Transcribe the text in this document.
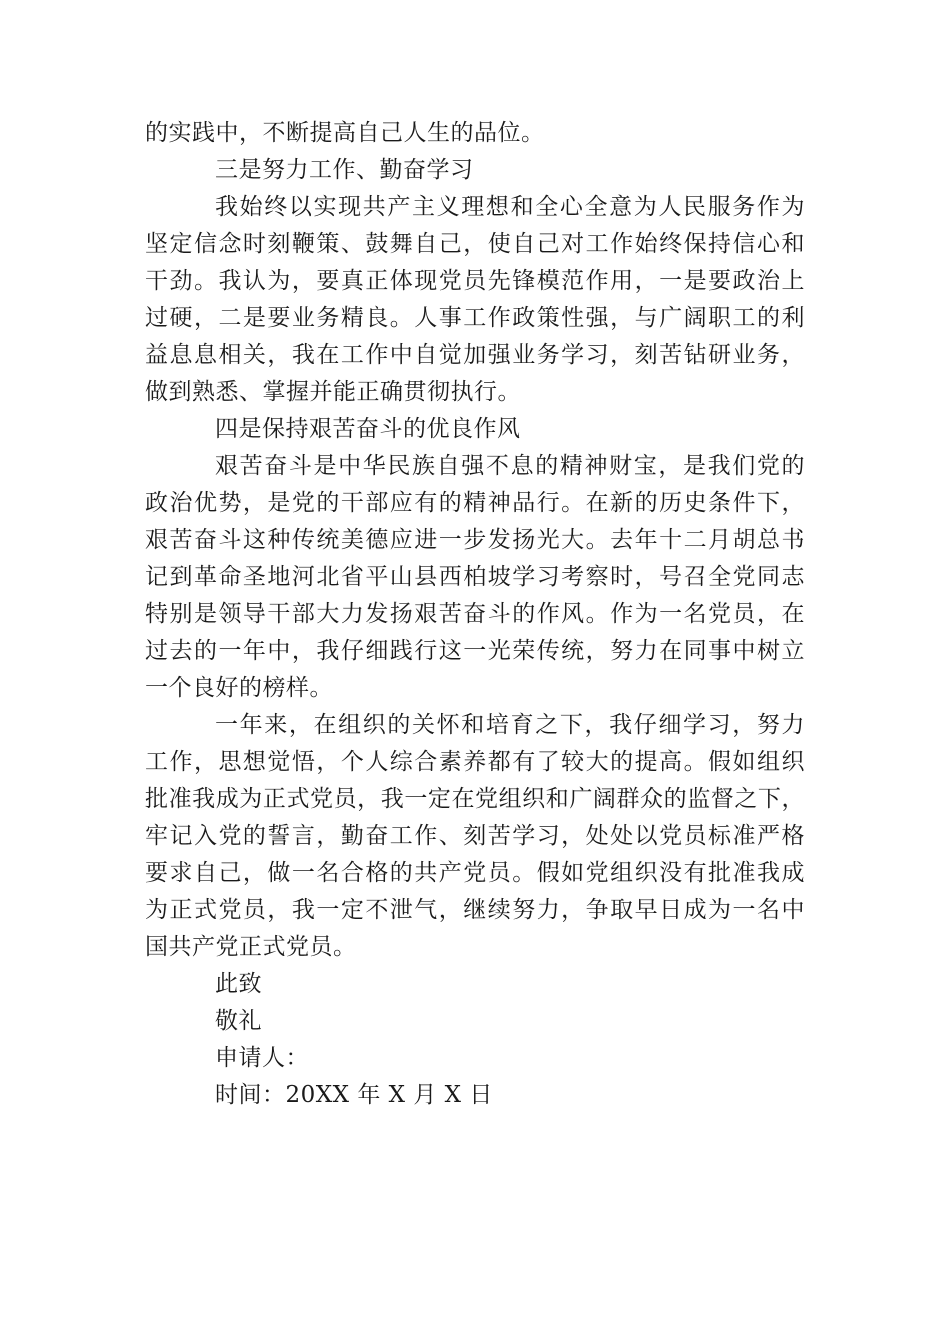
的实践中，不断提高自己人生的品位。
三是努力工作、勤奋学习
我始终以实现共产主义理想和全心全意为人民服务作为
坚定信念时刻鞭策、鼓舞自己，使自己对工作始终保持信心和
干劲。我认为，要真正体现党员先锋模范作用，一是要政治上
过硬，二是要业务精良。人事工作政策性强，与广阔职工的利
益息息相关，我在工作中自觉加强业务学习，刻苦钻研业务，
做到熟悉、掌握并能正确贯彻执行。
四是保持艰苦奋斗的优良作风
艰苦奋斗是中华民族自强不息的精神财宝，是我们党的
政治优势，是党的干部应有的精神品行。在新的历史条件下，
艰苦奋斗这种传统美德应进一步发扬光大。去年十二月胡总书
记到革命圣地河北省平山县西柏坡学习考察时，号召全党同志
特别是领导干部大力发扬艰苦奋斗的作风。作为一名党员，在
过去的一年中，我仔细践行这一光荣传统，努力在同事中树立
一个良好的榜样。
一年来，在组织的关怀和培育之下，我仔细学习，努力
工作，思想觉悟，个人综合素养都有了较大的提高。假如组织
批准我成为正式党员，我一定在党组织和广阔群众的监督之下，
牢记入党的誓言，勤奋工作、刻苦学习，处处以党员标准严格
要求自己，做一名合格的共产党员。假如党组织没有批准我成
为正式党员，我一定不泄气，继续努力，争取早日成为一名中
国共产党正式党员。
此致
敬礼
申请人：
时间：20XX 年 X 月 X 日
